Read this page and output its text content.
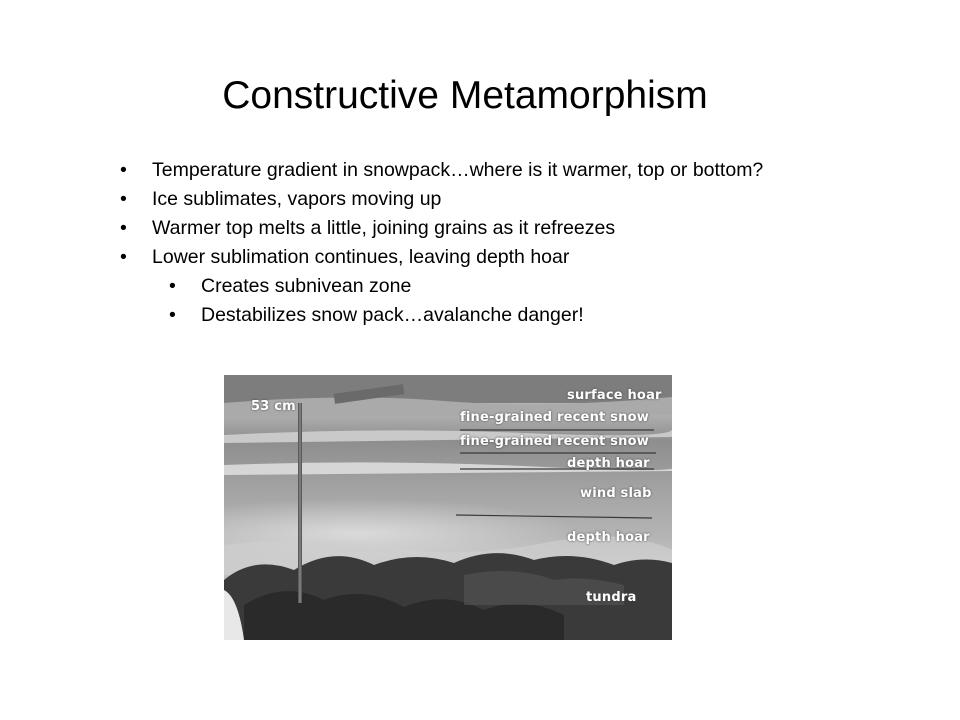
Constructive Metamorphism
• Temperature gradient in snowpack…where is it warmer, top or bottom?
• Ice sublimates, vapors moving up
• Warmer top melts a little, joining grains as it refreezes
• Lower sublimation continues, leaving depth hoar
• Creates subnivean zone
• Destabilizes snow pack…avalanche danger!
53 cm
surface hoar
fine-grained recent snow
fine-grained recent snow
depth hoar
wind slab
depth hoar
tundra
